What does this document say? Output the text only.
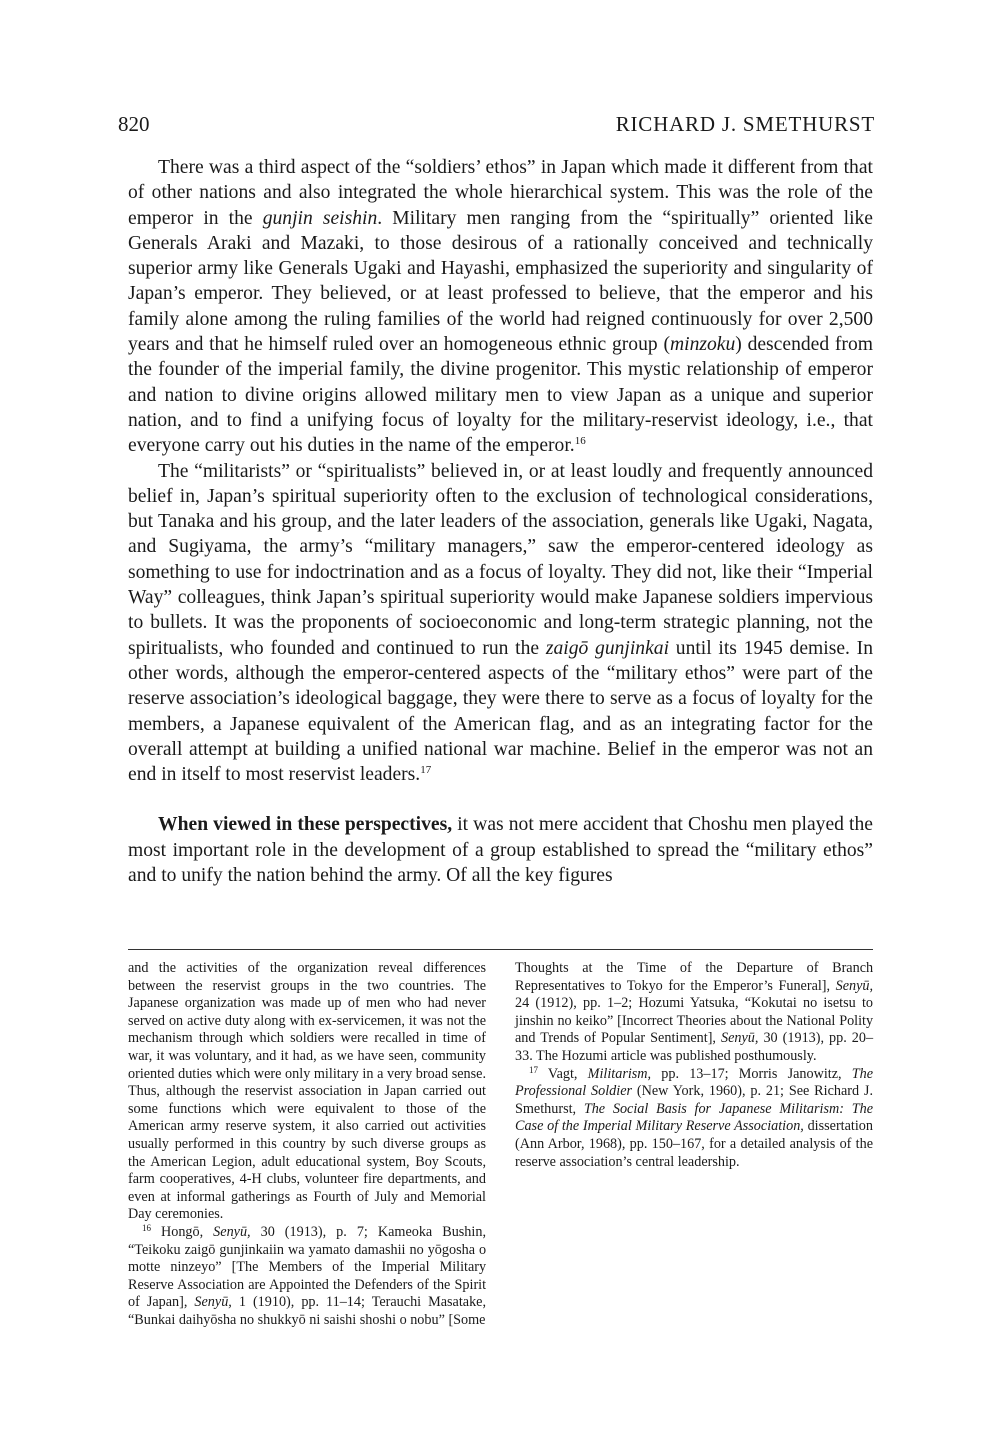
820	RICHARD J. SMETHURST

There was a third aspect of the “soldiers’ ethos” in Japan which made it different from that of other nations and also integrated the whole hierarchical system. This was the role of the emperor in the gunjin seishin. Military men ranging from the “spiritually” oriented like Generals Araki and Mazaki, to those desirous of a rationally conceived and technically superior army like Generals Ugaki and Hayashi, emphasized the superiority and singularity of Japan’s emperor. They believed, or at least professed to believe, that the emperor and his family alone among the ruling families of the world had reigned continuously for over 2,500 years and that he himself ruled over an homogeneous ethnic group (minzoku) descended from the founder of the imperial family, the divine progenitor. This mystic relationship of emperor and nation to divine origins allowed military men to view Japan as a unique and superior nation, and to find a unifying focus of loyalty for the military-reservist ideology, i.e., that everyone carry out his duties in the name of the emperor.$^{16}$

The “militarists” or “spiritualists” believed in, or at least loudly and frequently announced belief in, Japan’s spiritual superiority often to the exclusion of technological considerations, but Tanaka and his group, and the later leaders of the association, generals like Ugaki, Nagata, and Sugiyama, the army’s “military managers,” saw the emperor-centered ideology as something to use for indoctrination and as a focus of loyalty. They did not, like their “Imperial Way” colleagues, think Japan’s spiritual superiority would make Japanese soldiers impervious to bullets. It was the proponents of socioeconomic and long-term strategic planning, not the spiritualists, who founded and continued to run the zaigō gunjinkai until its 1945 demise. In other words, although the emperor-centered aspects of the “military ethos” were part of the reserve association’s ideological baggage, they were there to serve as a focus of loyalty for the members, a Japanese equivalent of the American flag, and as an integrating factor for the overall attempt at building a unified national war machine. Belief in the emperor was not an end in itself to most reservist leaders.$^{17}$

When viewed in these perspectives, it was not mere accident that Choshu men played the most important role in the development of a group established to spread the “military ethos” and to unify the nation behind the army. Of all the key figures

and the activities of the organization reveal differences between the reservist groups in the two countries. The Japanese organization was made up of men who had never served on active duty along with ex-servicemen, it was not the mechanism through which soldiers were recalled in time of war, it was voluntary, and it had, as we have seen, community oriented duties which were only military in a very broad sense. Thus, although the reservist association in Japan carried out some functions which were equivalent to those of the American army reserve system, it also carried out activities usually performed in this country by such diverse groups as the American Legion, adult educational system, Boy Scouts, farm cooperatives, 4-H clubs, volunteer fire departments, and even at informal gatherings as Fourth of July and Memorial Day ceremonies.

$^{16}$ Hongō, Senyū, 30 (1913), p. 7; Kameoka Bushin, “Teikoku zaigō gunjinkaiin wa yamato damashii no yōgosha o motte ninzeyo” [The Members of the Imperial Military Reserve Association are Appointed the Defenders of the Spirit of Japan], Senyū, 1 (1910), pp. 11–14; Terauchi Masatake, “Bunkai daihyōsha no shukkyō ni saishi shoshi o nobu” [Some

Thoughts at the Time of the Departure of Branch Representatives to Tokyo for the Emperor’s Funeral], Senyū, 24 (1912), pp. 1–2; Hozumi Yatsuka, “Kokutai no isetsu to jinshin no keiko” [Incorrect Theories about the National Polity and Trends of Popular Sentiment], Senyū, 30 (1913), pp. 20–33. The Hozumi article was published posthumously.

$^{17}$ Vagt, Militarism, pp. 13–17; Morris Janowitz, The Professional Soldier (New York, 1960), p. 21; See Richard J. Smethurst, The Social Basis for Japanese Militarism: The Case of the Imperial Military Reserve Association, dissertation (Ann Arbor, 1968), pp. 150–167, for a detailed analysis of the reserve association’s central leadership.
